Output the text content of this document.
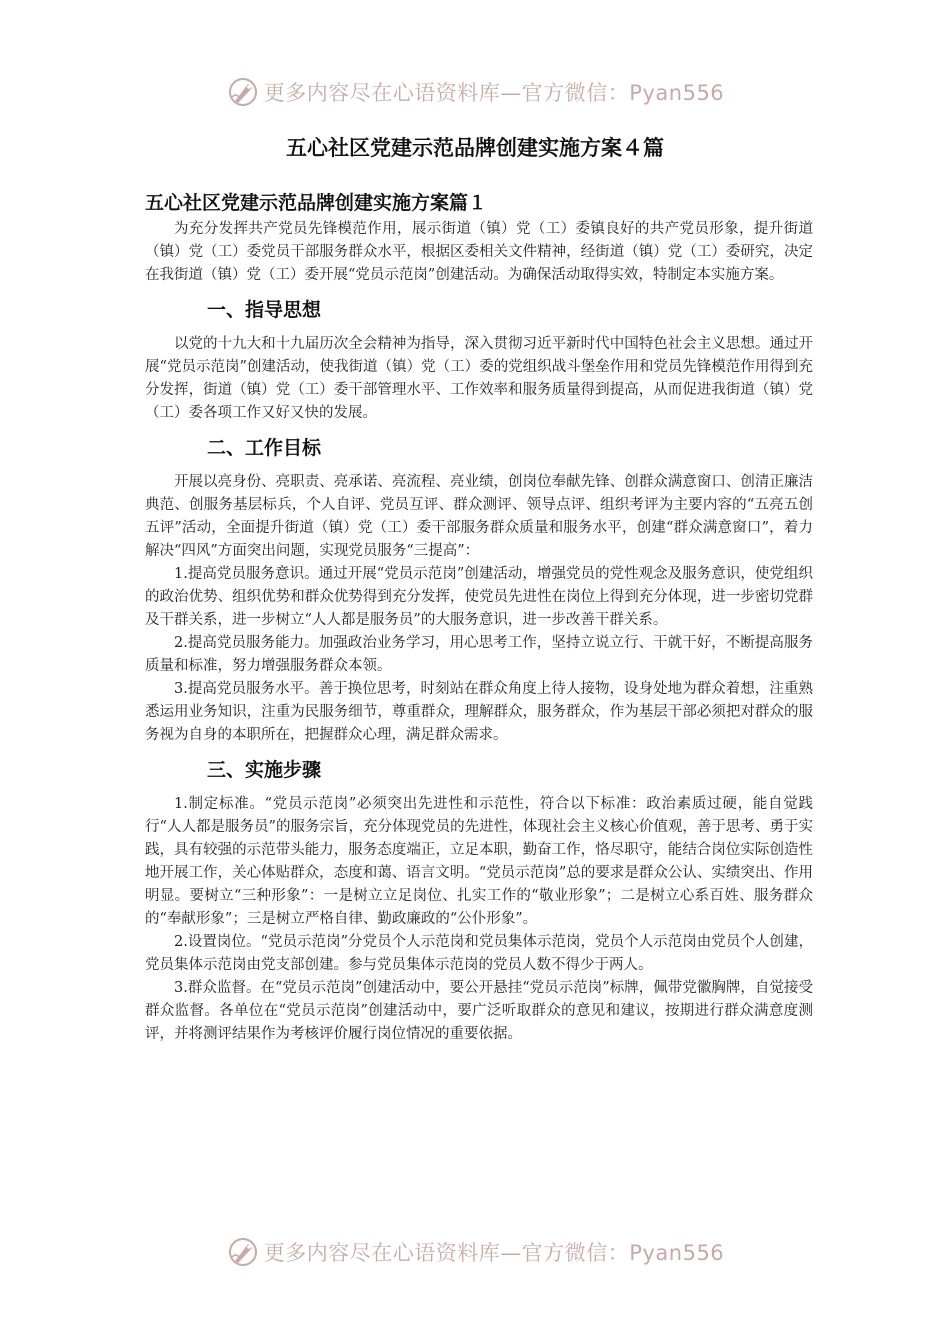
更多内容尽在心语资料库—官方微信：Pyan556
五心社区党建示范品牌创建实施方案４篇
五心社区党建示范品牌创建实施方案篇１

为充分发挥共产党员先锋模范作用，展示街道（镇）党（工）委镇良好的共产党员形象，提升街道（镇）党（工）委党员干部服务群众水平，根据区委相关文件精神，经街道（镇）党（工）委研究，决定在我街道（镇）党（工）委开展“党员示范岗”创建活动。为确保活动取得实效，特制定本实施方案。

一、指导思想

以党的十九大和十九届历次全会精神为指导，深入贯彻习近平新时代中国特色社会主义思想。通过开展“党员示范岗”创建活动，使我街道（镇）党（工）委的党组织战斗堡垒作用和党员先锋模范作用得到充分发挥，街道（镇）党（工）委干部管理水平、工作效率和服务质量得到提高，从而促进我街道（镇）党（工）委各项工作又好又快的发展。

二、工作目标

开展以亮身份、亮职责、亮承诺、亮流程、亮业绩，创岗位奉献先锋、创群众满意窗口、创清正廉洁典范、创服务基层标兵，个人自评、党员互评、群众测评、领导点评、组织考评为主要内容的“五亮五创五评”活动，全面提升街道（镇）党（工）委干部服务群众质量和服务水平，创建“群众满意窗口”，着力解决“四风”方面突出问题，实现党员服务“三提高”：

1.提高党员服务意识。通过开展“党员示范岗”创建活动，增强党员的党性观念及服务意识，使党组织的政治优势、组织优势和群众优势得到充分发挥，使党员先进性在岗位上得到充分体现，进一步密切党群及干群关系，进一步树立“人人都是服务员”的大服务意识，进一步改善干群关系。

2.提高党员服务能力。加强政治业务学习，用心思考工作，坚持立说立行、干就干好，不断提高服务质量和标准，努力增强服务群众本领。

3.提高党员服务水平。善于换位思考，时刻站在群众角度上待人接物，设身处地为群众着想，注重熟悉运用业务知识，注重为民服务细节，尊重群众，理解群众，服务群众，作为基层干部必须把对群众的服务视为自身的本职所在，把握群众心理，满足群众需求。

三、实施步骤

1.制定标准。“党员示范岗”必须突出先进性和示范性，符合以下标准：政治素质过硬，能自觉践行“人人都是服务员”的服务宗旨，充分体现党员的先进性，体现社会主义核心价值观，善于思考、勇于实践，具有较强的示范带头能力，服务态度端正，立足本职，勤奋工作，恪尽职守，能结合岗位实际创造性地开展工作，关心体贴群众，态度和蔼、语言文明。“党员示范岗”总的要求是群众公认、实绩突出、作用明显。要树立“三种形象”：一是树立立足岗位、扎实工作的“敬业形象”；二是树立心系百姓、服务群众的“奉献形象”；三是树立严格自律、勤政廉政的“公仆形象”。

2.设置岗位。“党员示范岗”分党员个人示范岗和党员集体示范岗，党员个人示范岗由党员个人创建，党员集体示范岗由党支部创建。参与党员集体示范岗的党员人数不得少于两人。

3.群众监督。在“党员示范岗”创建活动中，要公开悬挂“党员示范岗”标牌，佩带党徽胸牌，自觉接受群众监督。各单位在“党员示范岗”创建活动中，要广泛听取群众的意见和建议，按期进行群众满意度测评，并将测评结果作为考核评价履行岗位情况的重要依据。

更多内容尽在心语资料库—官方微信：Pyan556
